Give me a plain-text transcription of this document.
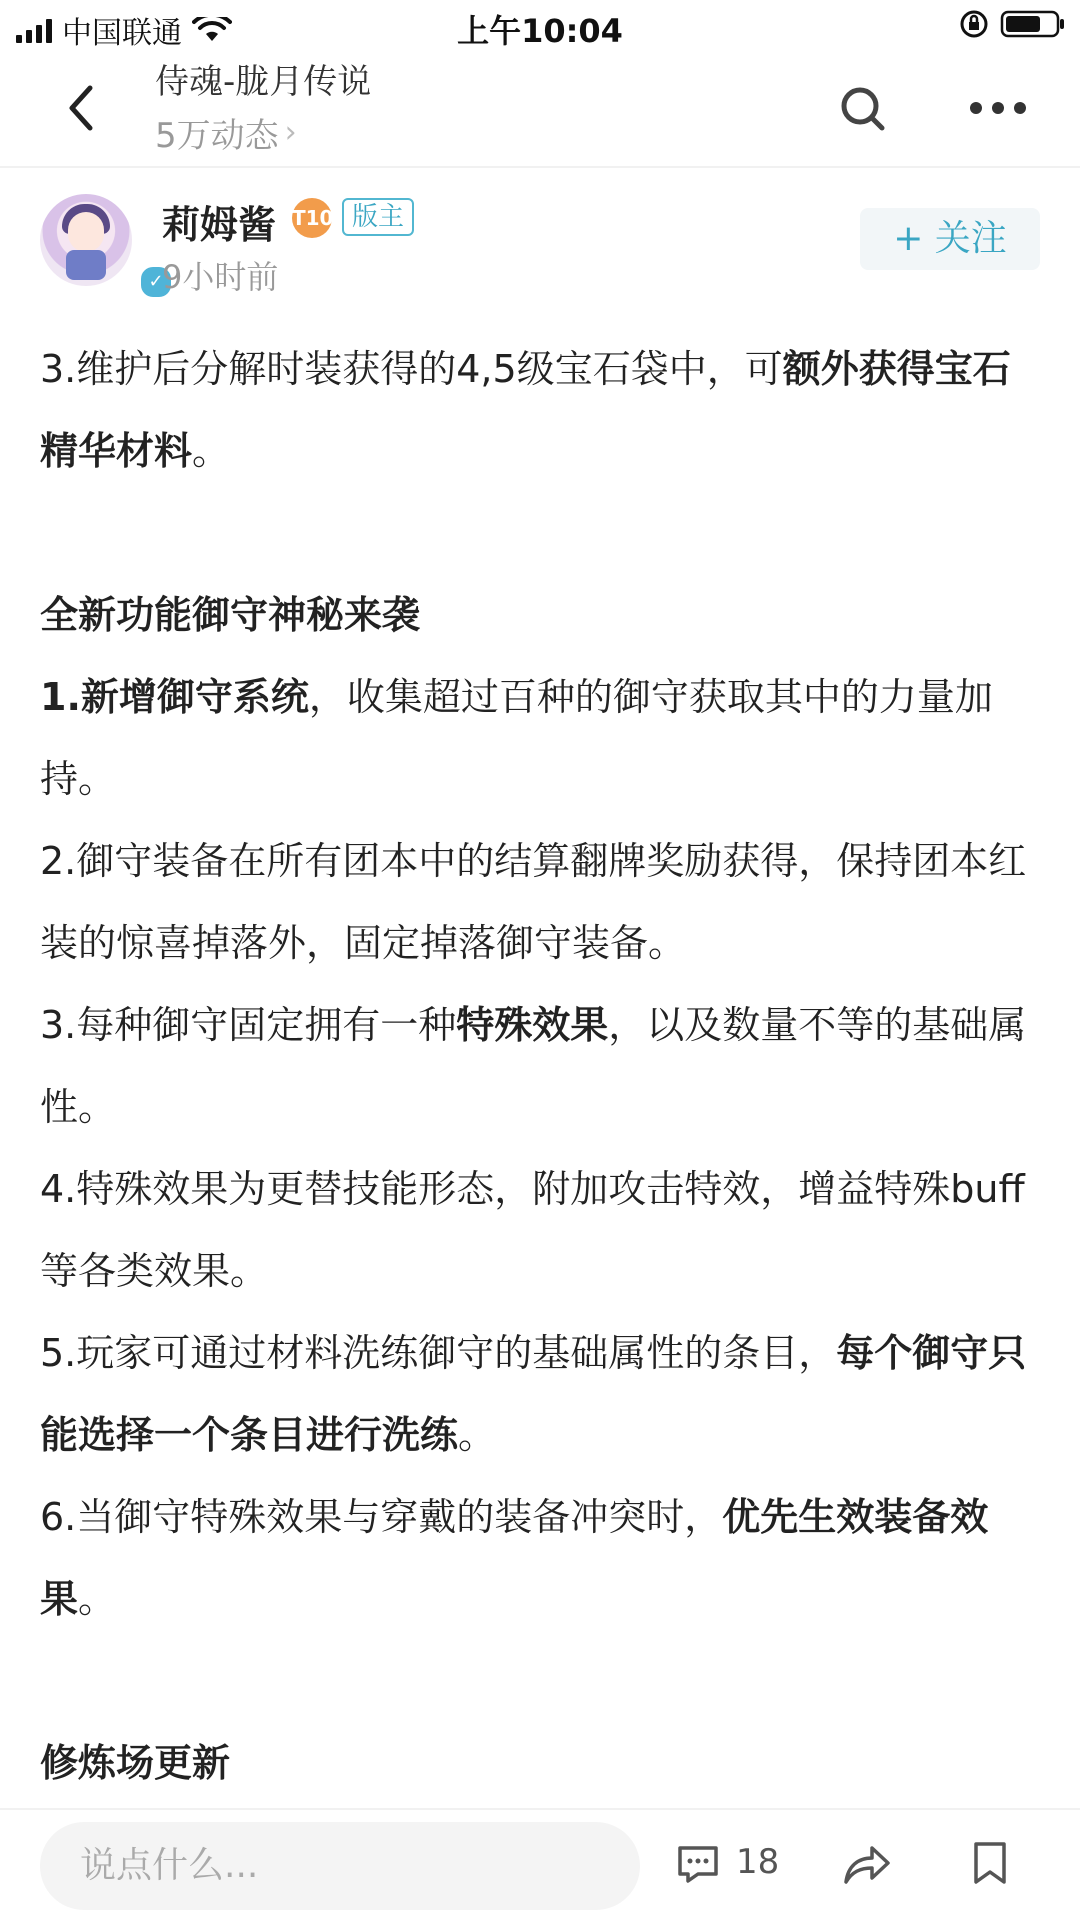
中国联通	上午10:04
侍魂-胧月传说
5万动态 ›
✓
莉姆酱 T10 版主
9小时前
+ 关注

3.维护后分解时装获得的4,5级宝石袋中，可额外获得宝石精华材料。

全新功能御守神秘来袭

1.新增御守系统，收集超过百种的御守获取其中的力量加持。

2.御守装备在所有团本中的结算翻牌奖励获得，保持团本红装的惊喜掉落外，固定掉落御守装备。

3.每种御守固定拥有一种特殊效果，以及数量不等的基础属性。

4.特殊效果为更替技能形态，附加攻击特效，增益特殊buff等各类效果。

5.玩家可通过材料洗练御守的基础属性的条目，每个御守只能选择一个条目进行洗练。

6.当御守特殊效果与穿戴的装备冲突时，优先生效装备效果。

修炼场更新

说点什么...	18
